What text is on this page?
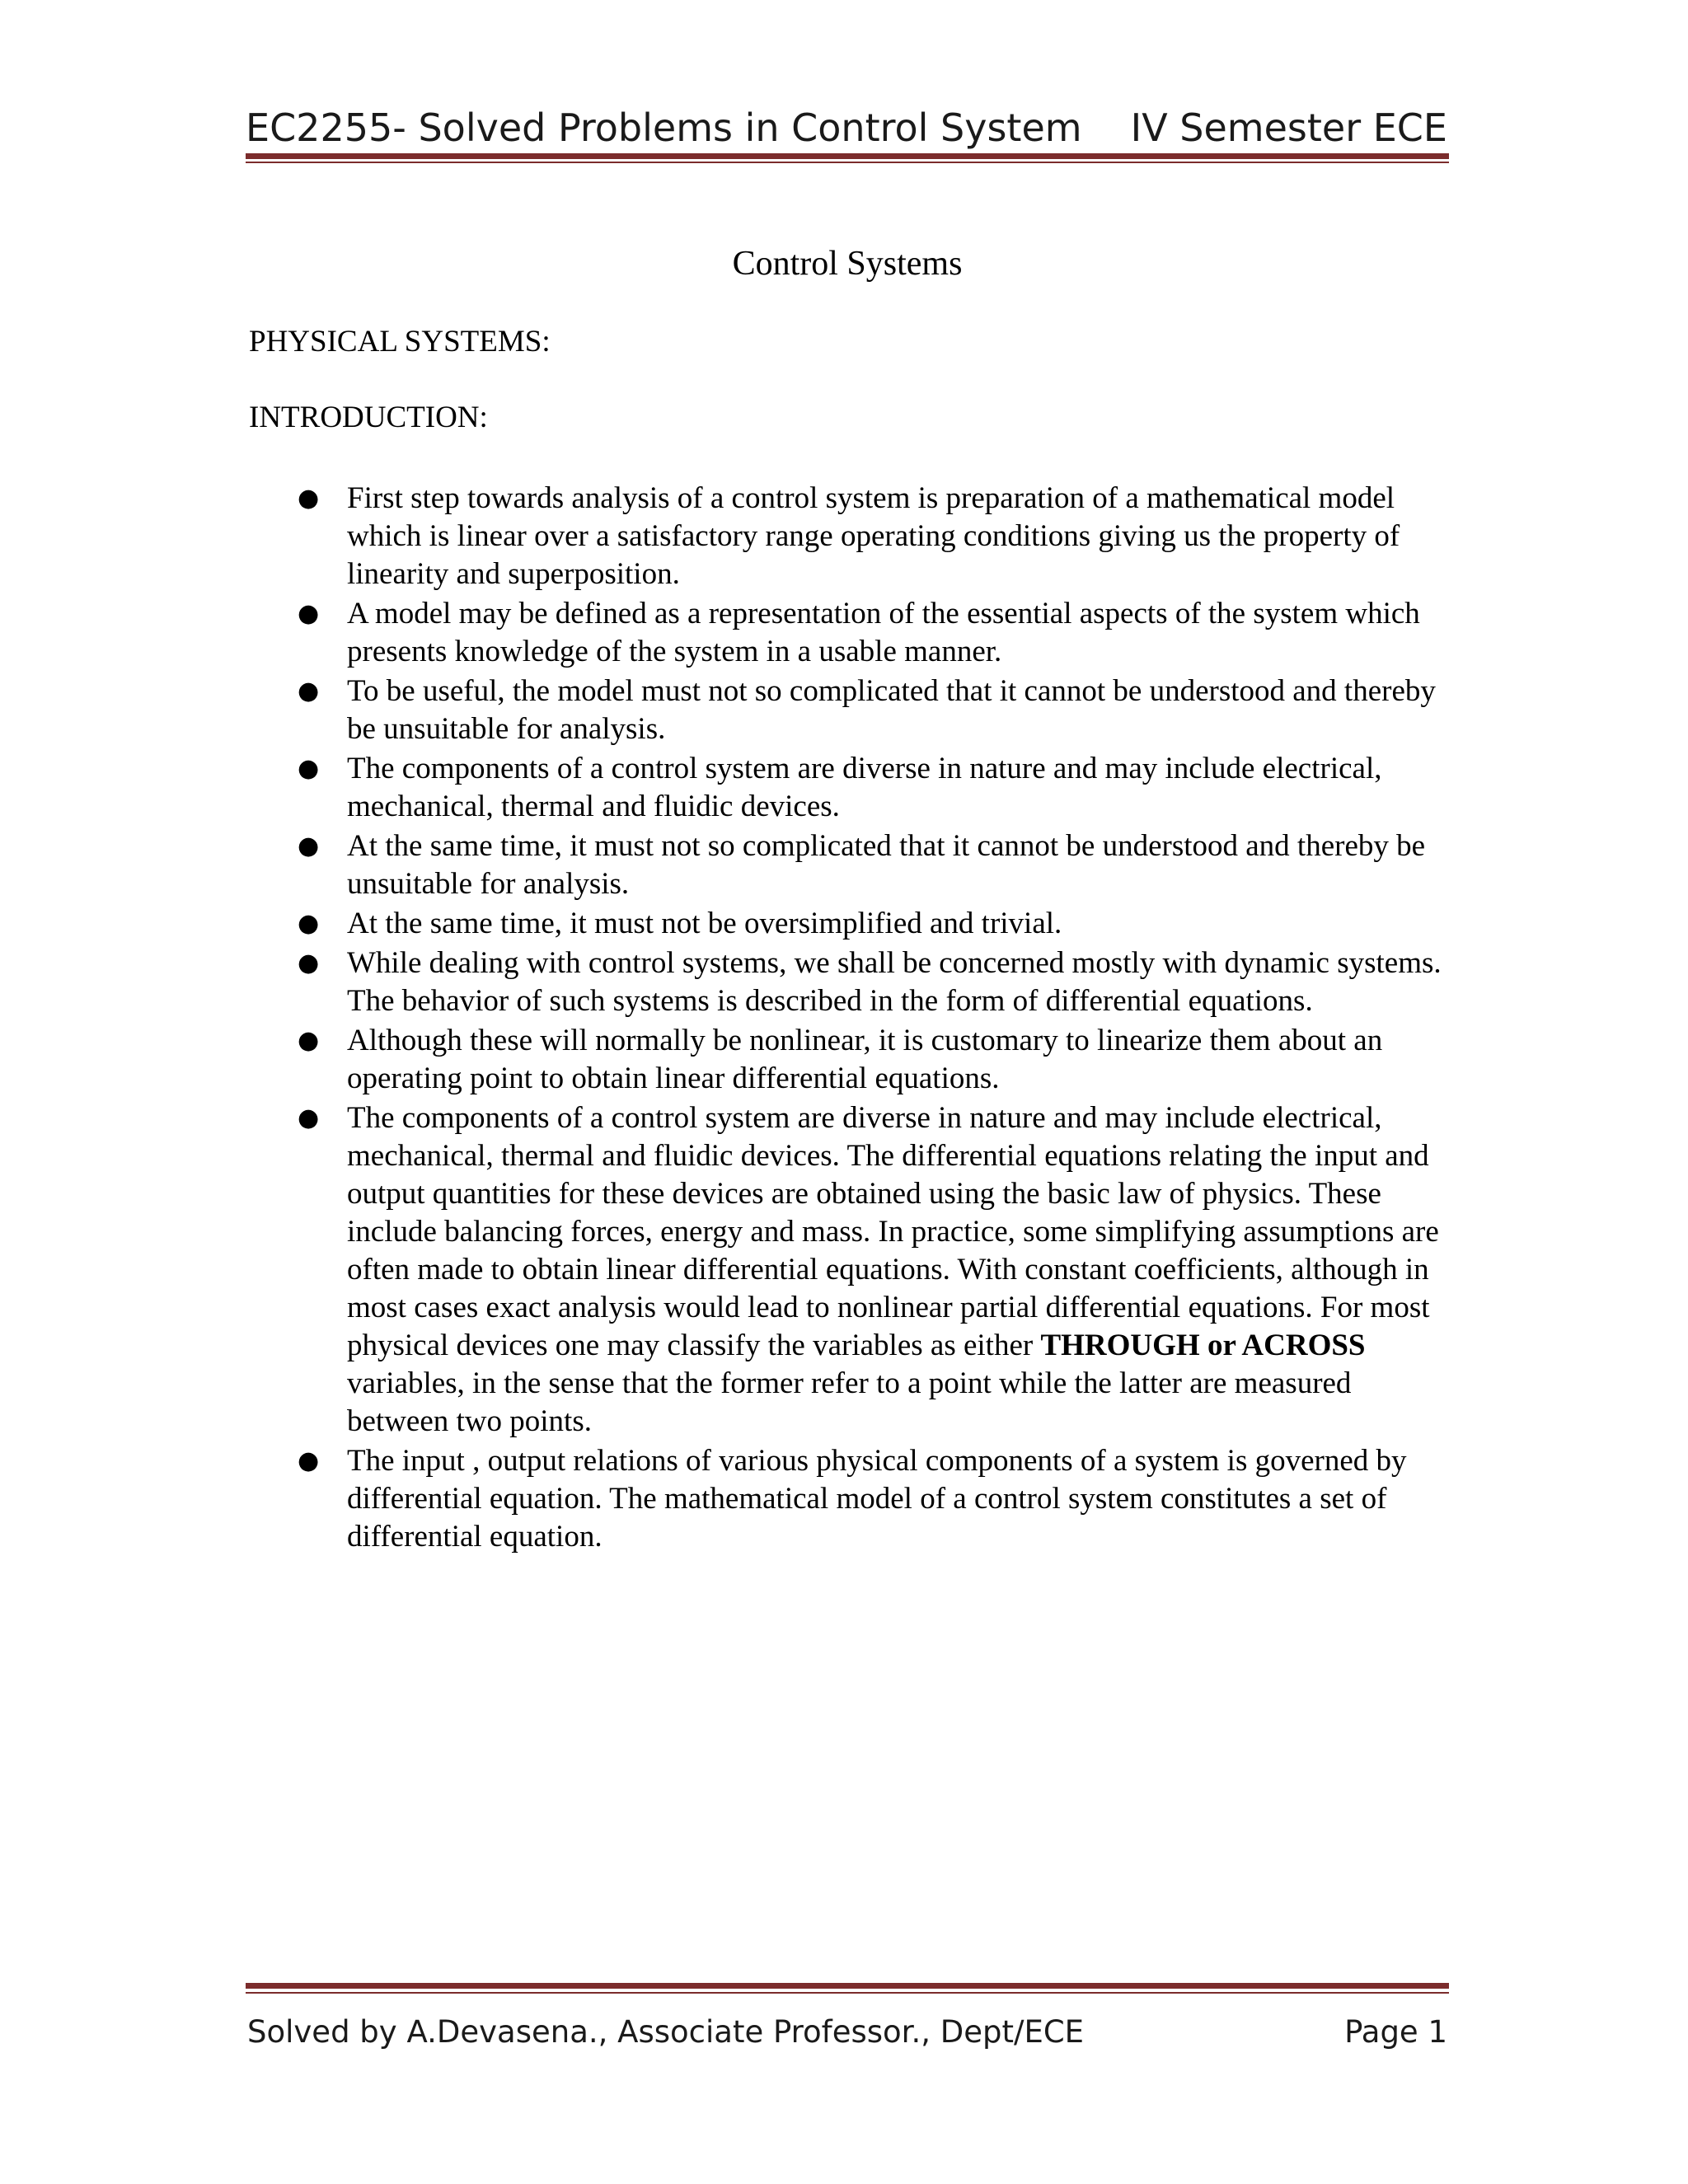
EC2255- Solved Problems in Control System IV Semester ECE
Control Systems
PHYSICAL SYSTEMS:
INTRODUCTION:
● First step towards analysis of a control system is preparation of a mathematical model which is linear over a satisfactory range operating conditions giving us the property of linearity and superposition.
● A model may be defined as a representation of the essential aspects of the system which presents knowledge of the system in a usable manner.
● To be useful, the model must not so complicated that it cannot be understood and thereby be unsuitable for analysis.
● The components of a control system are diverse in nature and may include electrical, mechanical, thermal and fluidic devices.
● At the same time, it must not so complicated that it cannot be understood and thereby be unsuitable for analysis.
● At the same time, it must not be oversimplified and trivial.
● While dealing with control systems, we shall be concerned mostly with dynamic systems. The behavior of such systems is described in the form of differential equations.
● Although these will normally be nonlinear, it is customary to linearize them about an operating point to obtain linear differential equations.
● The components of a control system are diverse in nature and may include electrical, mechanical, thermal and fluidic devices. The differential equations relating the input and output quantities for these devices are obtained using the basic law of physics. These include balancing forces, energy and mass. In practice, some simplifying assumptions are often made to obtain linear differential equations. With constant coefficients, although in most cases exact analysis would lead to nonlinear partial differential equations. For most physical devices one may classify the variables as either THROUGH or ACROSS variables, in the sense that the former refer to a point while the latter are measured between two points.
● The input , output relations of various physical components of a system is governed by differential equation. The mathematical model of a control system constitutes a set of differential equation.
Solved by A.Devasena., Associate Professor., Dept/ECE	Page 1
